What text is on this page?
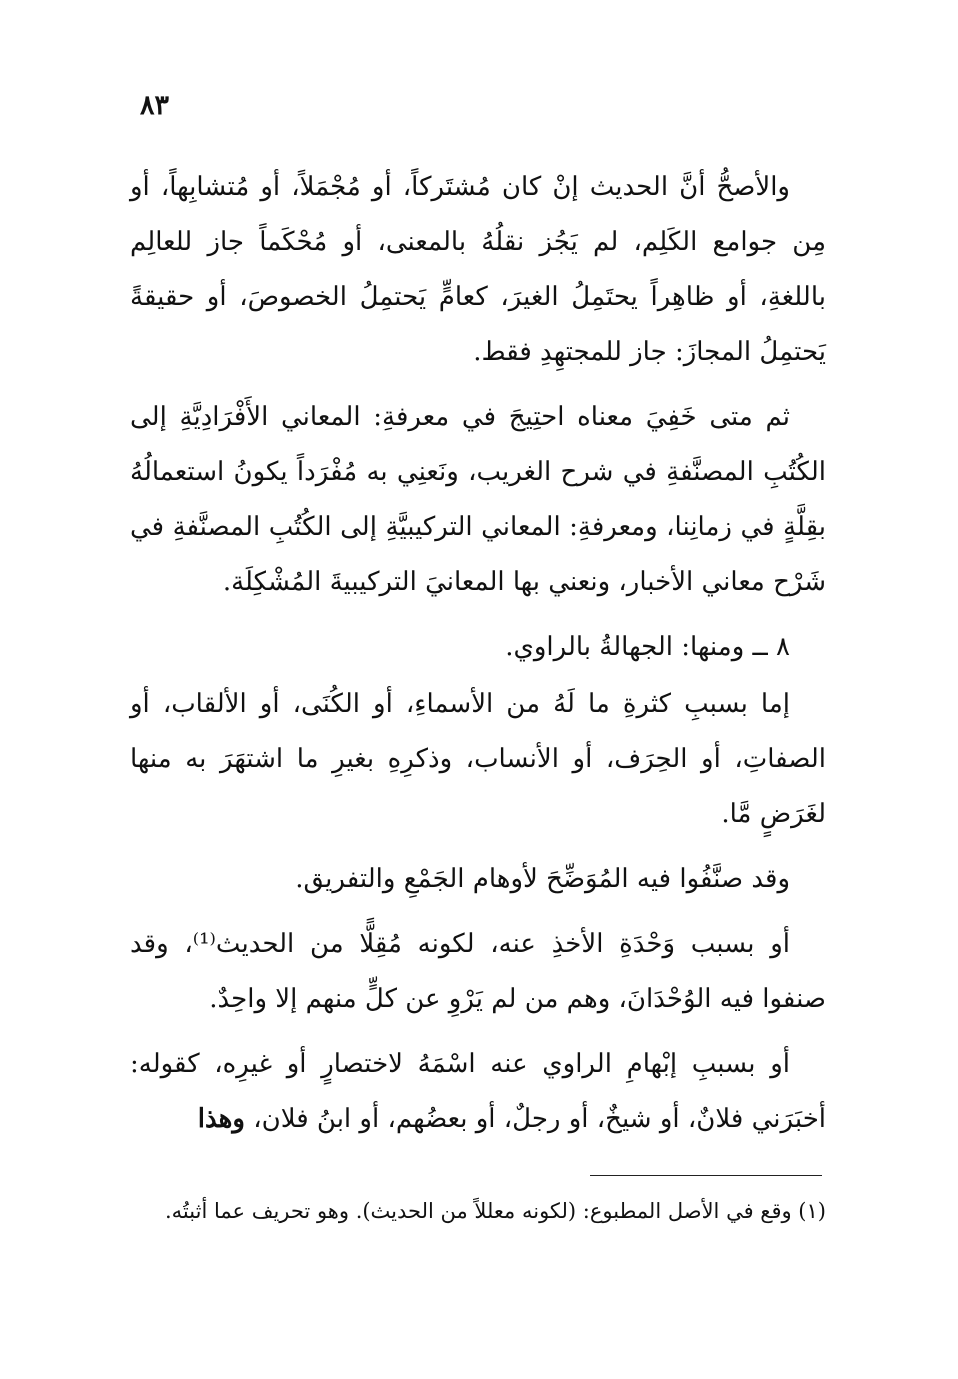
٨٣

والأصحُّ أنَّ الحديث إنْ كان مُشتَركاً، أو مُجْمَلاً، أو مُتشابِهاً، أو مِن جوامع الكَلِم، لم يَجُز نقلُهُ بالمعنى، أو مُحْكَماً جاز للعالِم باللغةِ، أو ظاهِراً يحتَمِلُ الغيرَ، كعامٍّ يَحتمِلُ الخصوصَ، أو حقيقةً يَحتمِلُ المجازَ: جاز للمجتهِدِ فقط.

ثم متى خَفِيَ معناه احتِيجَ في معرفةِ: المعاني الأَفْرَادِيَّةِ إلى الكُتُبِ المصنَّفةِ في شرح الغريب، ونَعنِي به مُفْرَداً يكونُ استعمالُهُ بقِلَّةٍ في زمانِنا، ومعرفةِ: المعاني التركيبيَّةِ إلى الكُتُبِ المصنَّفةِ في شَرْح معاني الأخبار، ونعني بها المعانيَ التركيبيةَ المُشْكِلَة.

٨ ــ ومنها: الجهالةُ بالراوي.

إما بسببِ كثرةِ ما لَهُ من الأسماءِ، أو الكُنَى، أو الألقاب، أو الصفاتِ، أو الحِرَف، أو الأنساب، وذكرِهِ بغيرِ ما اشتهَرَ به منها لغَرَضٍ مَّا.

وقد صنَّفُوا فيه المُوَضِّحَ لأوهام الجَمْعِ والتفريق.

أو بسبب وَحْدَةِ الأخذِ عنه، لكونه مُقِلًّا من الحديث⁽¹⁾، وقد صنفوا فيه الوُحْدَانَ، وهم من لم يَرْوِ عن كلٍّ منهم إلا واحِدٌ.

أو بسببِ إبْهامِ الراوي عنه اسْمَهُ لاختصارٍ أو غيرِه، كقوله: أخبَرَني فلانٌ، أو شيخٌ، أو رجلٌ، أو بعضُهم، أو ابنُ فلان، وهذا

(١) وقع في الأصل المطبوع: (لكونه معللاً من الحديث). وهو تحريف عما أثبتُه.
